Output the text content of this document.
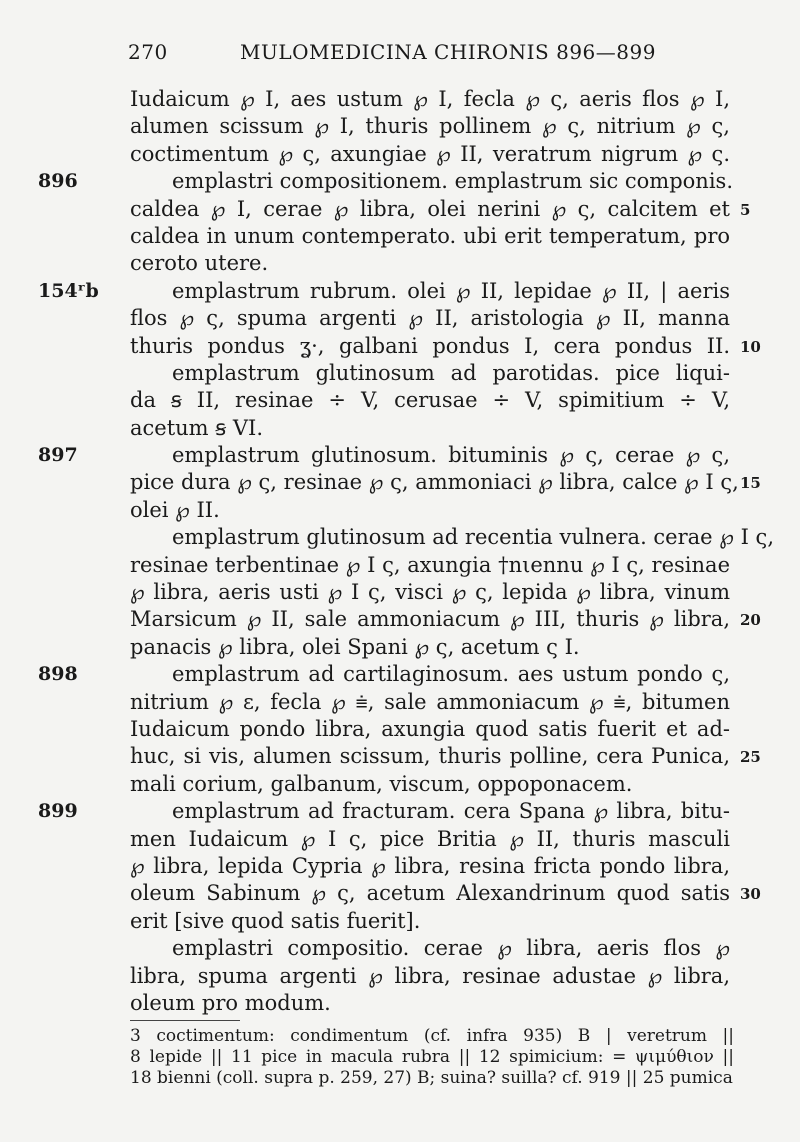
270	MULOMEDICINA CHIRONIS 896—899
Iudaicum ℘ I, aes ustum ℘ I, fecla ℘ ς, aeris flos ℘ I,
alumen scissum ℘ I, thuris pollinem ℘ ς, nitrium ℘ ς,
coctimentum ℘ ς, axungiae ℘ II, veratrum nigrum ℘ ς.
896	emplastri compositionem. emplastrum sic componis.
caldea ℘ I, cerae ℘ libra, olei nerini ℘ ς, calcitem et 5
caldea in unum contemperato. ubi erit temperatum, pro
ceroto utere.
154ʳb	emplastrum rubrum. olei ℘ II, lepidae ℘ II, | aeris
flos ℘ ς, spuma argenti ℘ II, aristologia ℘ II, manna
thuris pondus ʓ·, galbani pondus I, cera pondus II. 10
emplastrum glutinosum ad parotidas. pice liqui-
da ꞩ II, resinae ÷ V, cerusae ÷ V, spimitium ÷ V,
acetum ꞩ VI.
897	emplastrum glutinosum. bituminis ℘ ς, cerae ℘ ς,
pice dura ℘ ς, resinae ℘ ς, ammoniaci ℘ libra, calce ℘ I ς, 15
olei ℘ II.
emplastrum glutinosum ad recentia vulnera. cerae ℘ I ς,
resinae terbentinae ℘ I ς, axungia †nιennu ℘ I ς, resinae
℘ libra, aeris usti ℘ I ς, visci ℘ ς, lepida ℘ libra, vinum
Marsicum ℘ II, sale ammoniacum ℘ III, thuris ℘ libra, 20
panacis ℘ libra, olei Spani ℘ ς, acetum ς I.
898	emplastrum ad cartilaginosum. aes ustum pondo ς,
nitrium ℘ ε, fecla ℘ ⩧, sale ammoniacum ℘ ⩧, bitumen
Iudaicum pondo libra, axungia quod satis fuerit et ad-
huc, si vis, alumen scissum, thuris polline, cera Punica, 25
mali corium, galbanum, viscum, oppoponacem.
899	emplastrum ad fracturam. cera Spana ℘ libra, bitu-
men Iudaicum ℘ I ς, pice Britia ℘ II, thuris masculi
℘ libra, lepida Cypria ℘ libra, resina fricta pondo libra,
oleum Sabinum ℘ ς, acetum Alexandrinum quod satis 30
erit [sive quod satis fuerit].
emplastri compositio. cerae ℘ libra, aeris flos ℘
libra, spuma argenti ℘ libra, resinae adustae ℘ libra,
oleum pro modum.
3 coctimentum: condimentum (cf. infra 935) B | veretrum ||
8 lepide || 11 pice in macula rubra || 12 spimicium: = ψιμύθιον ||
18 bienni (coll. supra p. 259, 27) B; suina? suilla? cf. 919 || 25 pumica
